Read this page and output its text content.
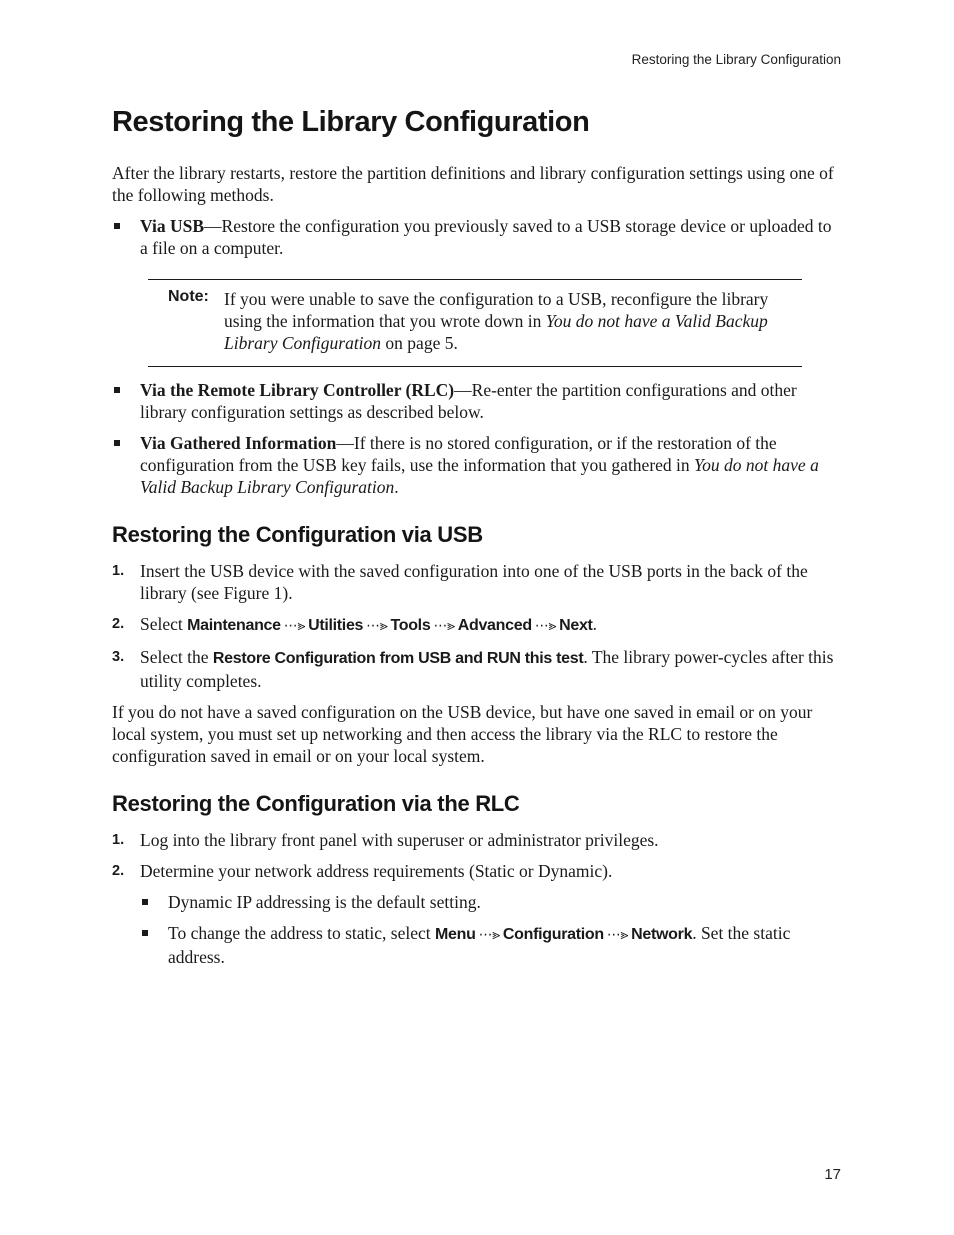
Restoring the Library Configuration
Restoring the Library Configuration

After the library restarts, restore the partition definitions and library configuration settings using one of the following methods.

Via USB—Restore the configuration you previously saved to a USB storage device or uploaded to a file on a computer.
Note: If you were unable to save the configuration to a USB, reconfigure the library using the information that you wrote down in You do not have a Valid Backup Library Configuration on page 5.

Via the Remote Library Controller (RLC)—Re-enter the partition configurations and other library configuration settings as described below.
Via Gathered Information—If there is no stored configuration, or if the restoration of the configuration from the USB key fails, use the information that you gathered in You do not have a Valid Backup Library Configuration.
Restoring the Configuration via USB
1. Insert the USB device with the saved configuration into one of the USB ports in the back of the library (see Figure 1).
2. Select Maintenance ⋯⪢ Utilities ⋯⪢ Tools ⋯⪢ Advanced ⋯⪢ Next.
3. Select the Restore Configuration from USB and RUN this test. The library power-cycles after this utility completes.

If you do not have a saved configuration on the USB device, but have one saved in email or on your local system, you must set up networking and then access the library via the RLC to restore the configuration saved in email or on your local system.

Restoring the Configuration via the RLC
1. Log into the library front panel with superuser or administrator privileges.
2. Determine your network address requirements (Static or Dynamic).
Dynamic IP addressing is the default setting.
To change the address to static, select Menu ⋯⪢ Configuration ⋯⪢ Network. Set the static address.
17
